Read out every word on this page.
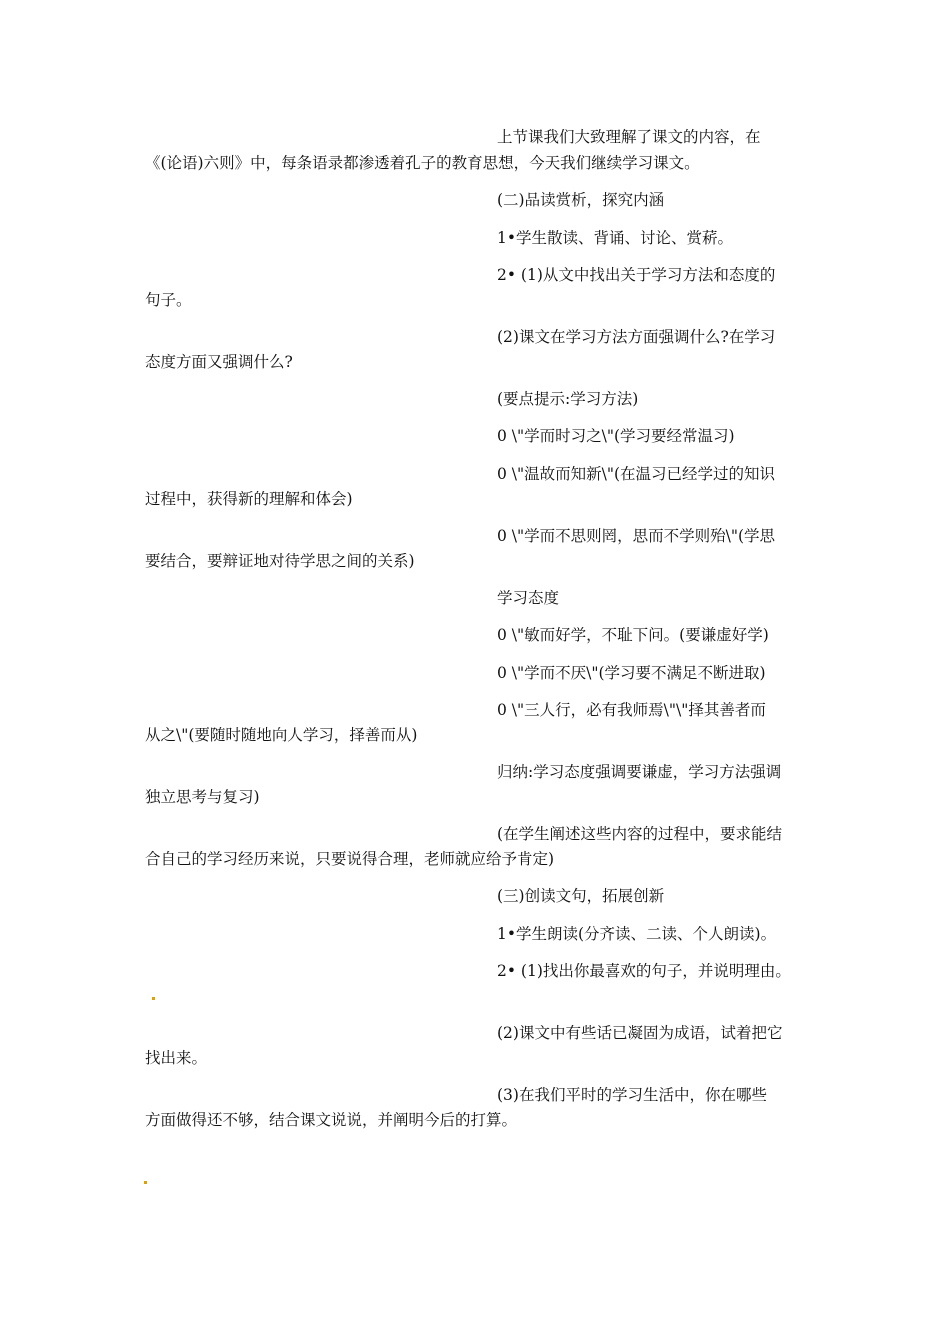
上节课我们大致理解了课文的内容，在
《(论语)六则》中，每条语录都渗透着孔子的教育思想，今天我们继续学习课文。
(二)品读赏析，探究内涵
1•学生散读、背诵、讨论、赏菥。
2• (1)从文中找出关于学习方法和态度的
句子。
(2)课文在学习方法方面强调什么?在学习
态度方面又强调什么?
(要点提示:学习方法)
0 \"学而时习之\"(学习要经常温习)
0 \"温故而知新\"(在温习已经学过的知识
过程中，获得新的理解和体会)
0 \"学而不思则罔，思而不学则殆\"(学思
要结合，要辩证地对待学思之间的关系)
学习态度
0 \"敏而好学，不耻下问。(要谦虚好学)
0 \"学而不厌\"(学习要不满足不断进取)
0 \"三人行，必有我师焉\"\"择其善者而
从之\"(要随时随地向人学习，择善而从)
归纳:学习态度强调要谦虚，学习方法强调
独立思考与复习)
(在学生阐述这些内容的过程中，要求能结
合自己的学习经历来说，只要说得合理，老师就应给予肯定)
(三)创读文句，拓展创新
1•学生朗读(分齐读、二读、个人朗读)。
2• (1)找出你最喜欢的句子，并说明理由。
(2)课文中有些话已凝固为成语，试着把它
找出来。
(3)在我们平时的学习生活中，你在哪些
方面做得还不够，结合课文说说，并阐明今后的打算。
